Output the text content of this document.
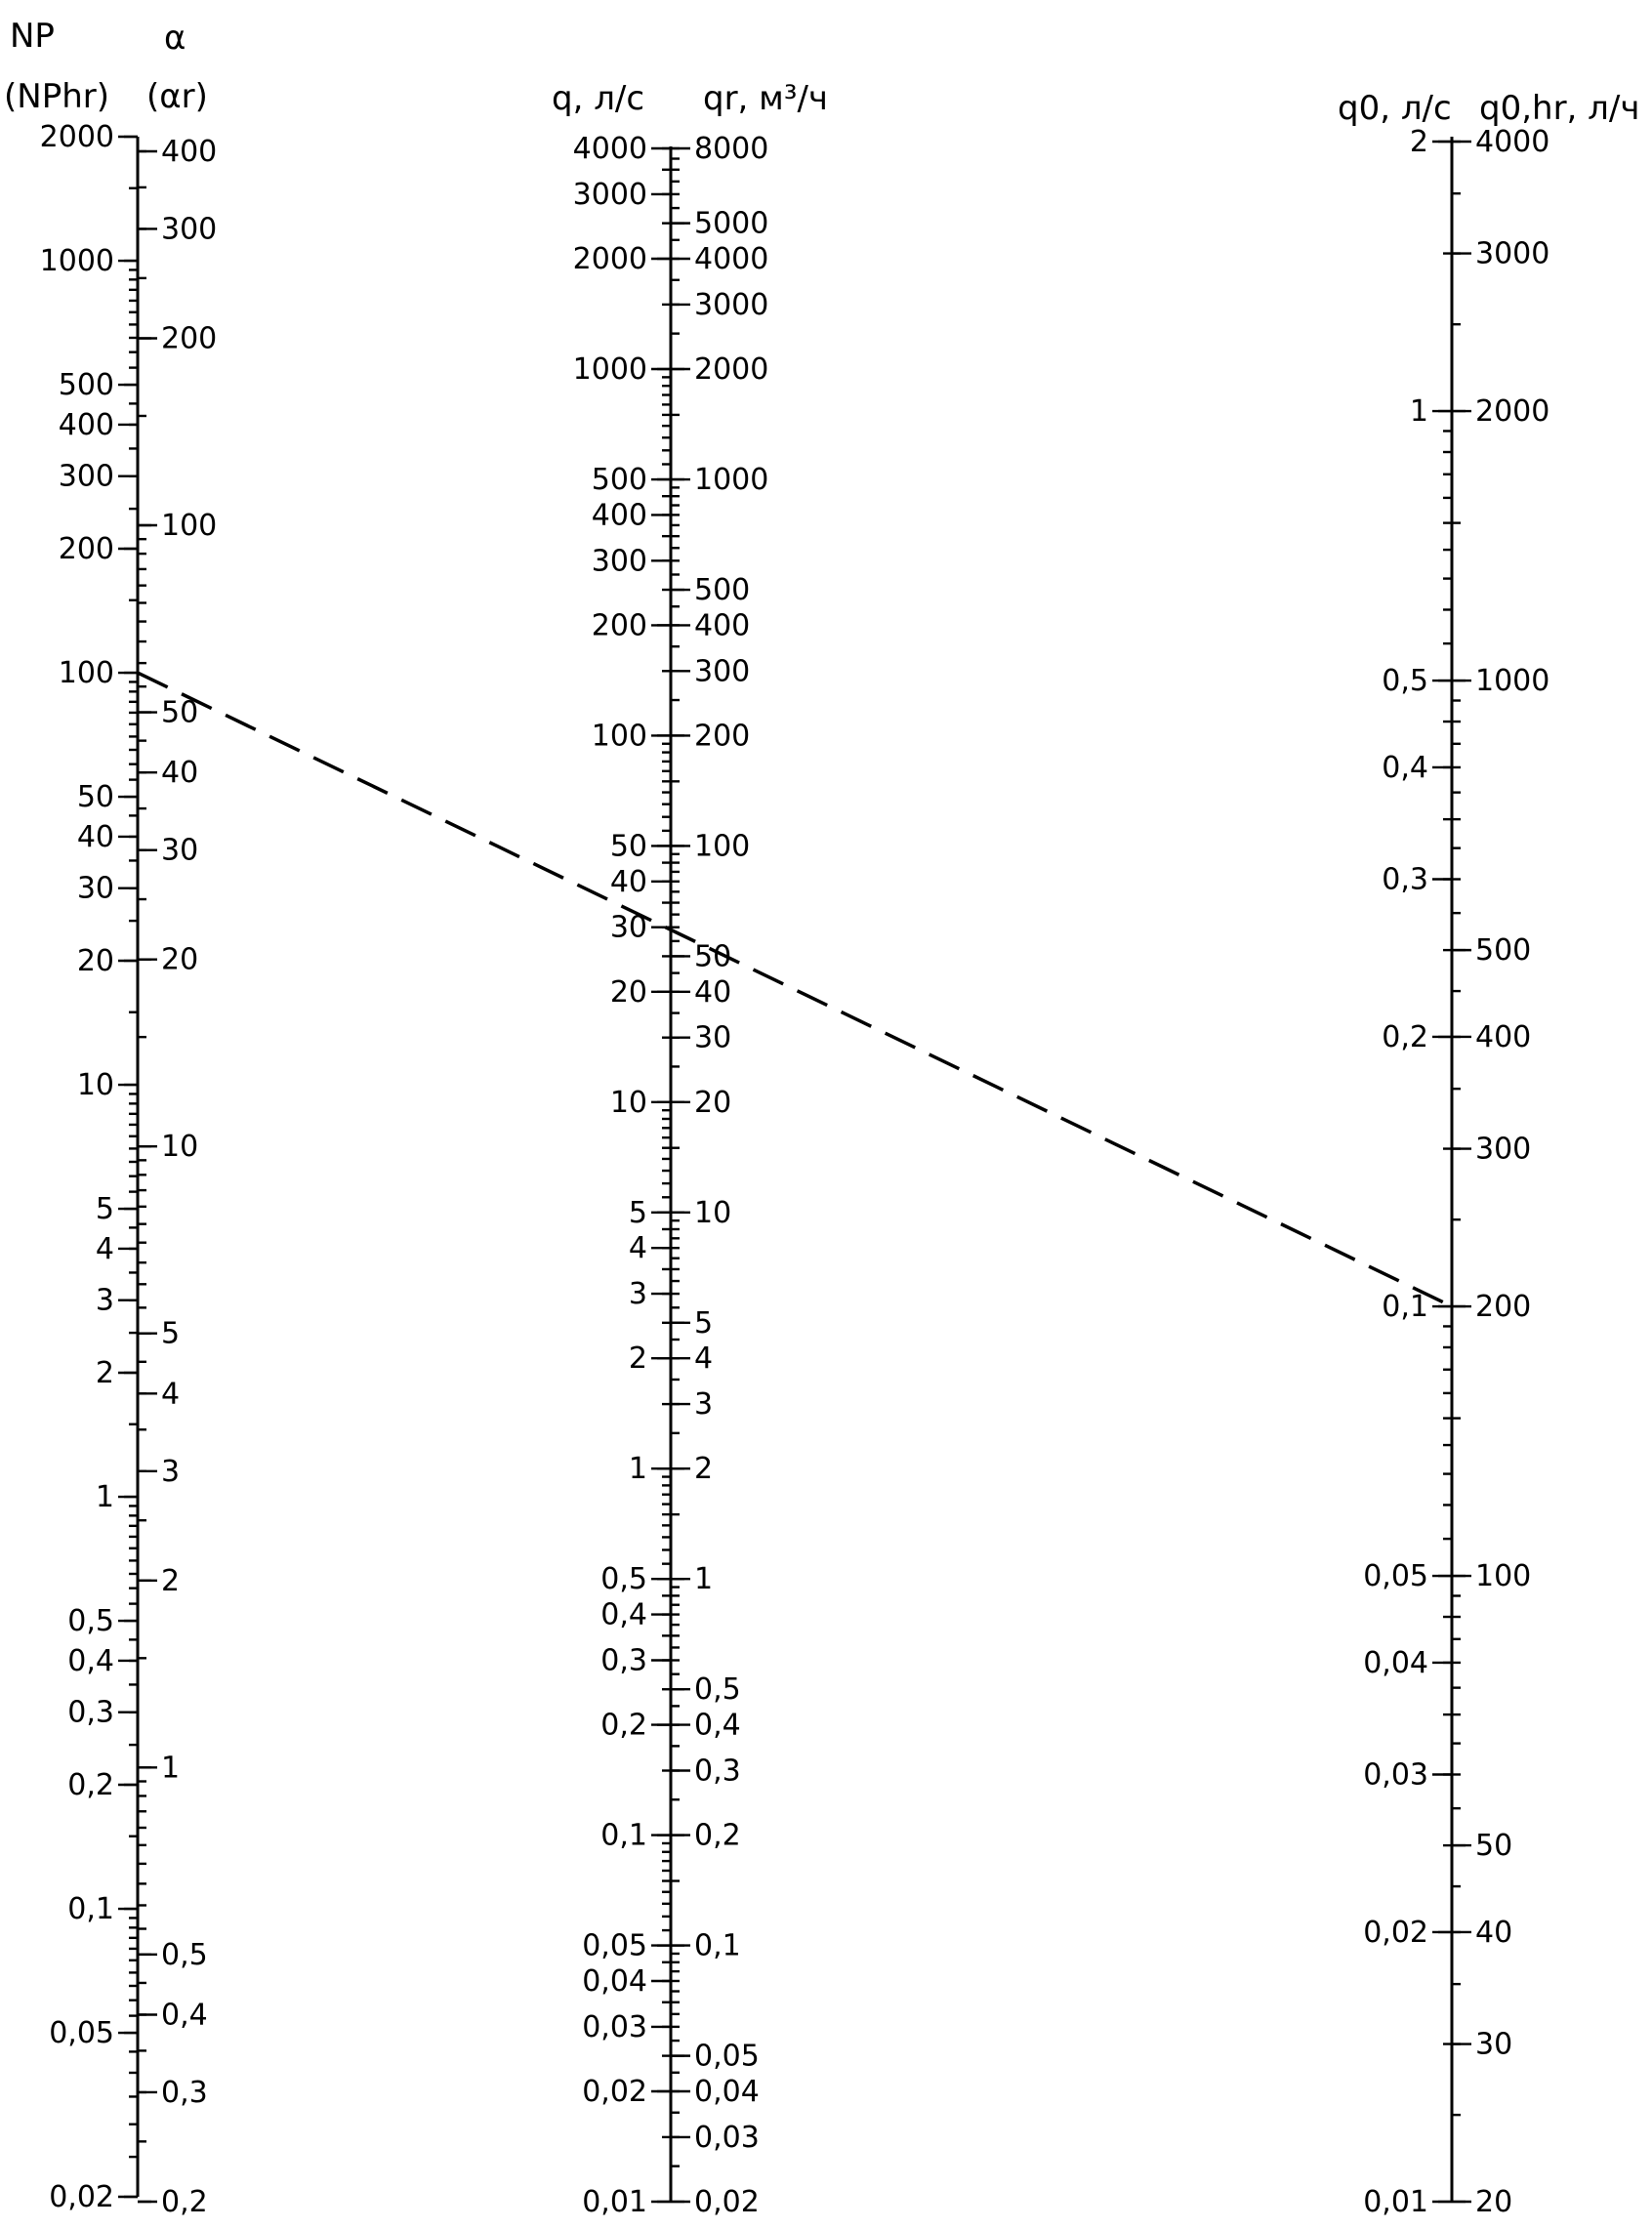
NP
(NPhr)
α
(αr)	q, л/с qr, м³/ч	q0, л/с q0,hr, л/ч
2000
1000
500
400
300
200
100
50
40
30
20
10
5
4
3
2
1
0,5
0,4
0,3
0,2
0,1
0,05
0,02
400
300
200
100
50
40
30
20
10
5
4
3
2
1
0,5
0,4
0,3
0,2
4000
3000
2000
1000
500
400
300
200
100
50
40
30
20
10
5
4
3
2
1
0,5
0,4
0,3
0,2
0,1
0,05
0,04
0,03
0,02
0,01
8000
5000
4000
3000
2000
1000
500
400
300
200
100
50
40
30
20
10
5
4
3
2
1
0,5
0,4
0,3
0,2
0,1
0,05
0,04
0,03
0,02
2
1
0,5
0,4
0,3
0,2
0,1
0,05
0,04
0,03
0,02
0,01
4000
3000
2000
1000
500
400
300
200
100
50
40
30
20
